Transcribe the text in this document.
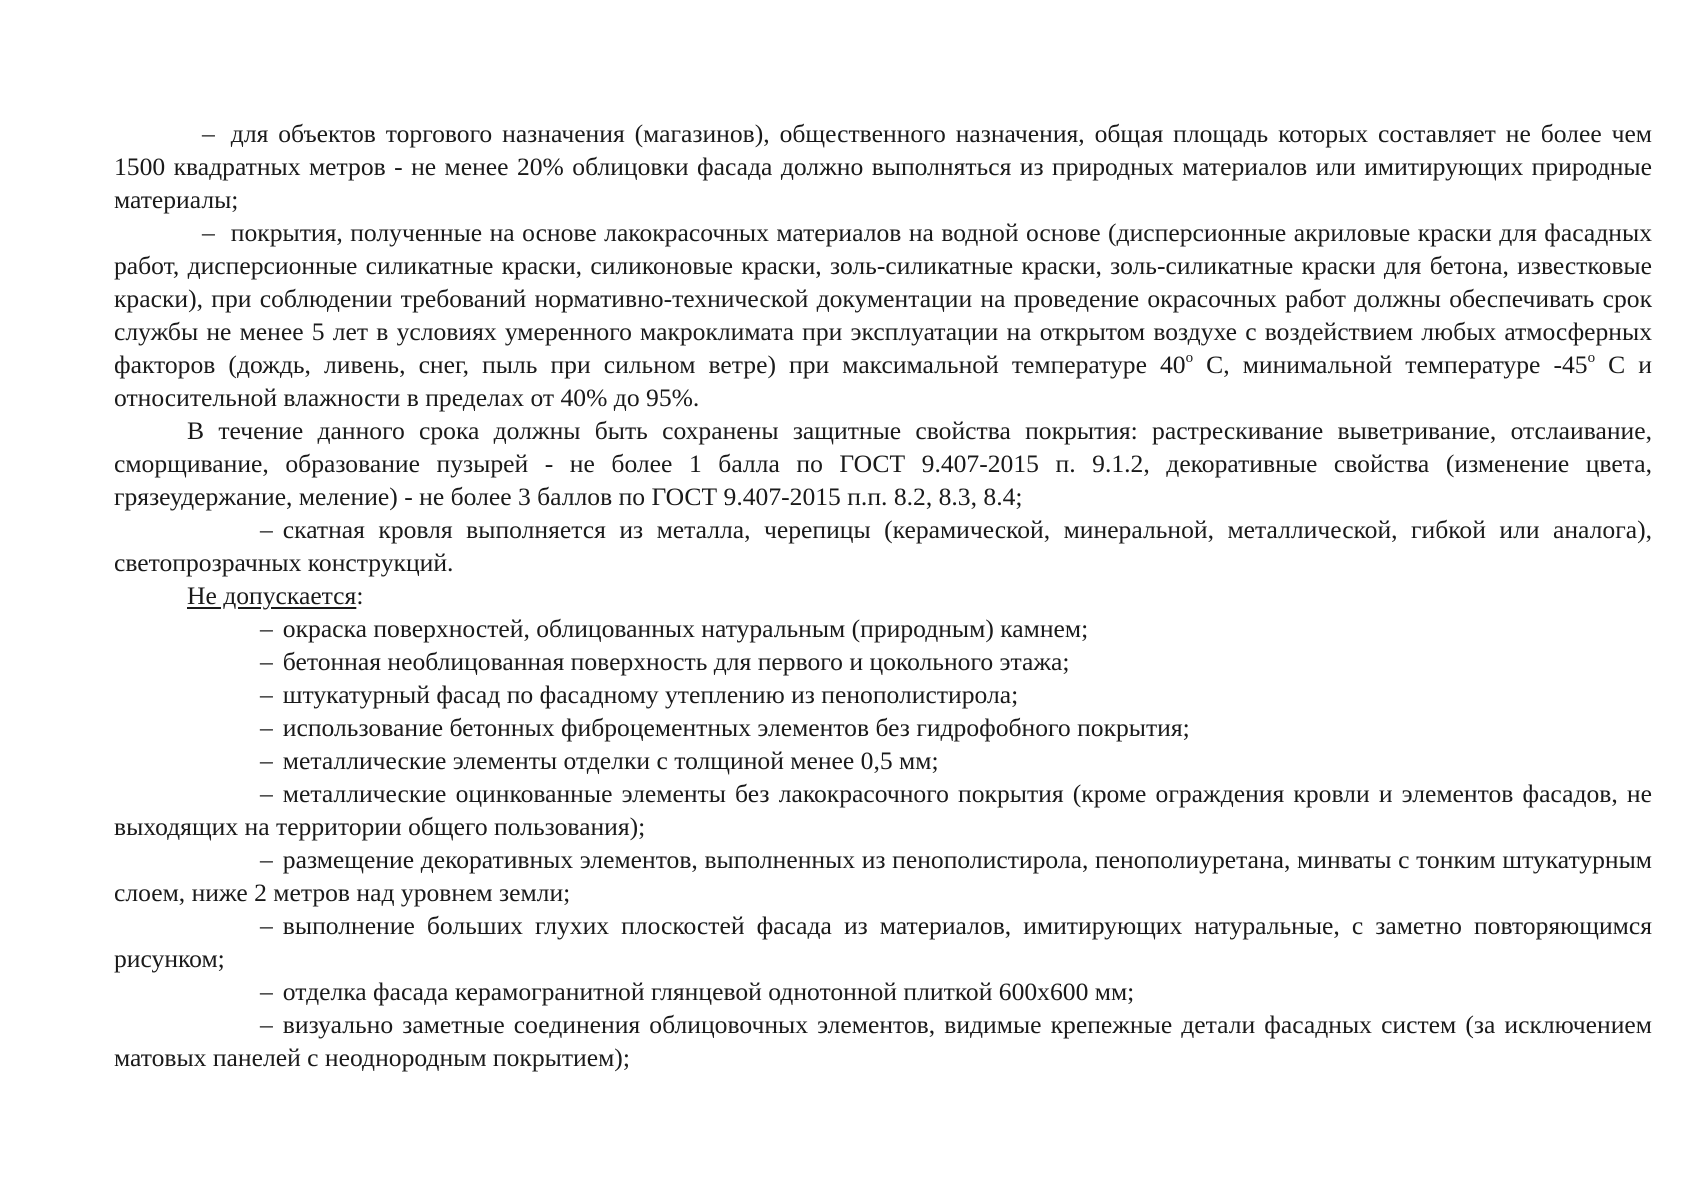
– для объектов торгового назначения (магазинов), общественного назначения, общая площадь которых составляет не более чем 1500 квадратных метров - не менее 20% облицовки фасада должно выполняться из природных материалов или имитирующих природные материалы;

– покрытия, полученные на основе лакокрасочных материалов на водной основе (дисперсионные акриловые краски для фасадных работ, дисперсионные силикатные краски, силиконовые краски, золь-силикатные краски, золь-силикатные краски для бетона, известковые краски), при соблюдении требований нормативно-технической документации на проведение окрасочных работ должны обеспечивать срок службы не менее 5 лет в условиях умеренного макроклимата при эксплуатации на открытом воздухе с воздействием любых атмосферных факторов (дождь, ливень, снег, пыль при сильном ветре) при максимальной температуре 40$^o$ С, минимальной температуре -45$^o$ С и относительной влажности в пределах от 40% до 95%.

В течение данного срока должны быть сохранены защитные свойства покрытия: растрескивание выветривание, отслаивание, сморщивание, образование пузырей - не более 1 балла по ГОСТ 9.407-2015 п. 9.1.2, декоративные свойства (изменение цвета, грязеудержание, меление) - не более 3 баллов по ГОСТ 9.407-2015 п.п. 8.2, 8.3, 8.4;

– скатная кровля выполняется из металла, черепицы (керамической, минеральной, металлической, гибкой или аналога), светопрозрачных конструкций.

Не допускается:

– окраска поверхностей, облицованных натуральным (природным) камнем;

– бетонная необлицованная поверхность для первого и цокольного этажа;

– штукатурный фасад по фасадному утеплению из пенополистирола;

– использование бетонных фиброцементных элементов без гидрофобного покрытия;

– металлические элементы отделки с толщиной менее 0,5 мм;

– металлические оцинкованные элементы без лакокрасочного покрытия (кроме ограждения кровли и элементов фасадов, не выходящих на территории общего пользования);

– размещение декоративных элементов, выполненных из пенополистирола, пенополиуретана, минваты с тонким штукатурным слоем, ниже 2 метров над уровнем земли;

– выполнение больших глухих плоскостей фасада из материалов, имитирующих натуральные, с заметно повторяющимся рисунком;

– отделка фасада керамогранитной глянцевой однотонной плиткой 600х600 мм;

– визуально заметные соединения облицовочных элементов, видимые крепежные детали фасадных систем (за исключением матовых панелей с неоднородным покрытием);
